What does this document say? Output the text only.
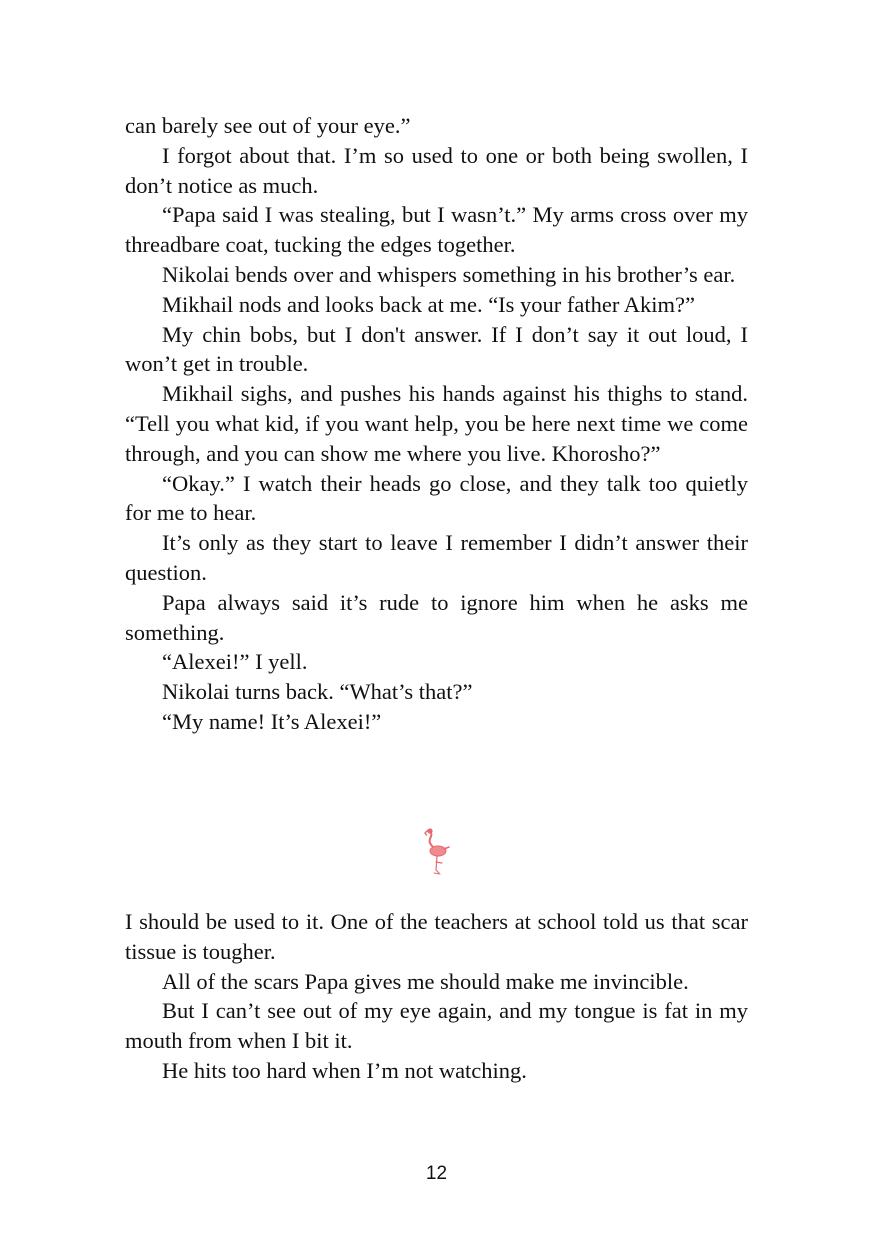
can barely see out of your eye.”

I forgot about that. I’m so used to one or both being swollen, I don’t notice as much.

“Papa said I was stealing, but I wasn’t.” My arms cross over my threadbare coat, tucking the edges together.

Nikolai bends over and whispers something in his brother’s ear.

Mikhail nods and looks back at me. “Is your father Akim?”

My chin bobs, but I don't answer. If I don’t say it out loud, I won’t get in trouble.

Mikhail sighs, and pushes his hands against his thighs to stand. “Tell you what kid, if you want help, you be here next time we come through, and you can show me where you live. Khorosho?”

“Okay.” I watch their heads go close, and they talk too quietly for me to hear.

It’s only as they start to leave I remember I didn’t answer their question.

Papa always said it’s rude to ignore him when he asks me something.

“Alexei!” I yell.

Nikolai turns back. “What’s that?”

“My name! It’s Alexei!”

I should be used to it. One of the teachers at school told us that scar tissue is tougher.

All of the scars Papa gives me should make me invincible.

But I can’t see out of my eye again, and my tongue is fat in my mouth from when I bit it.

He hits too hard when I’m not watching.

12
